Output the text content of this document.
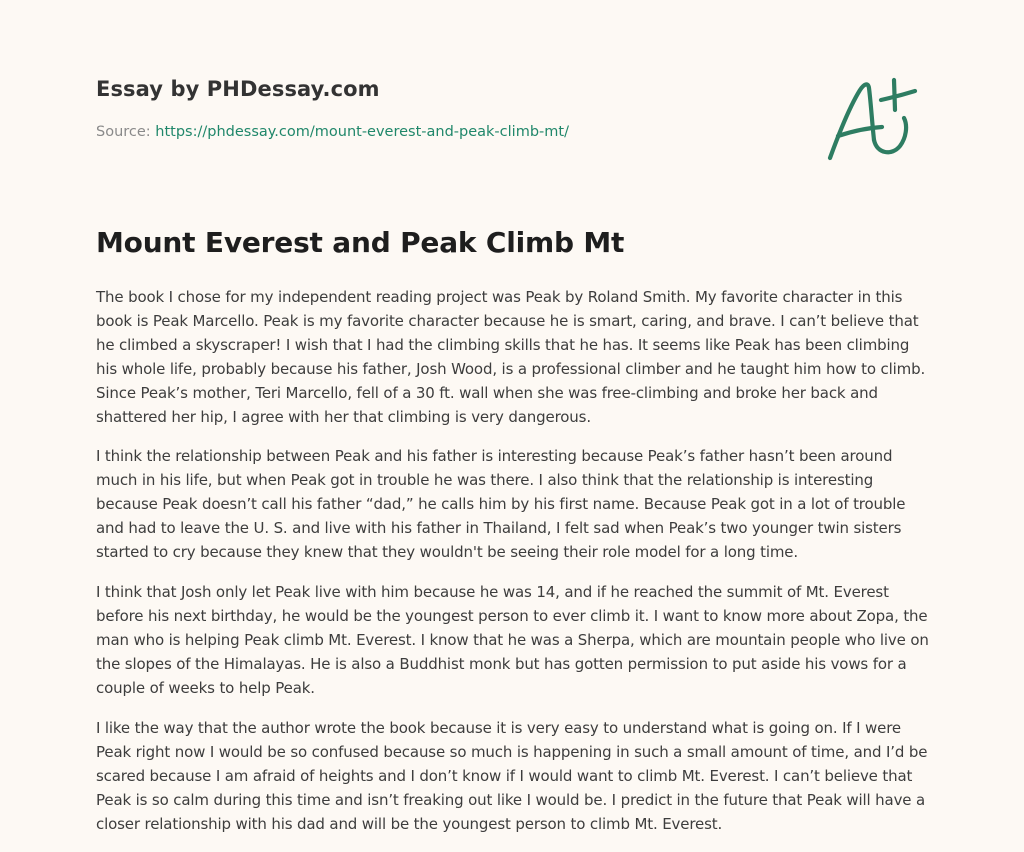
Essay by PHDessay.com
Source: https://phdessay.com/mount-everest-and-peak-climb-mt/
Mount Everest and Peak Climb Mt

The book I chose for my independent reading project was Peak by Roland Smith. My favorite character in this book is Peak Marcello. Peak is my favorite character because he is smart, caring, and brave. I can’t believe that he climbed a skyscraper! I wish that I had the climbing skills that he has. It seems like Peak has been climbing his whole life, probably because his father, Josh Wood, is a professional climber and he taught him how to climb. Since Peak’s mother, Teri Marcello, fell of a 30 ft. wall when she was free-climbing and broke her back and shattered her hip, I agree with her that climbing is very dangerous.

I think the relationship between Peak and his father is interesting because Peak’s father hasn’t been around much in his life, but when Peak got in trouble he was there. I also think that the relationship is interesting because Peak doesn’t call his father “dad,” he calls him by his first name. Because Peak got in a lot of trouble and had to leave the U. S. and live with his father in Thailand, I felt sad when Peak’s two younger twin sisters started to cry because they knew that they wouldn't be seeing their role model for a long time.

I think that Josh only let Peak live with him because he was 14, and if he reached the summit of Mt. Everest before his next birthday, he would be the youngest person to ever climb it. I want to know more about Zopa, the man who is helping Peak climb Mt. Everest. I know that he was a Sherpa, which are mountain people who live on the slopes of the Himalayas. He is also a Buddhist monk but has gotten permission to put aside his vows for a couple of weeks to help Peak.

I like the way that the author wrote the book because it is very easy to understand what is going on. If I were Peak right now I would be so confused because so much is happening in such a small amount of time, and I’d be scared because I am afraid of heights and I don’t know if I would want to climb Mt. Everest. I can’t believe that Peak is so calm during this time and isn’t freaking out like I would be. I predict in the future that Peak will have a closer relationship with his dad and will be the youngest person to climb Mt. Everest.
